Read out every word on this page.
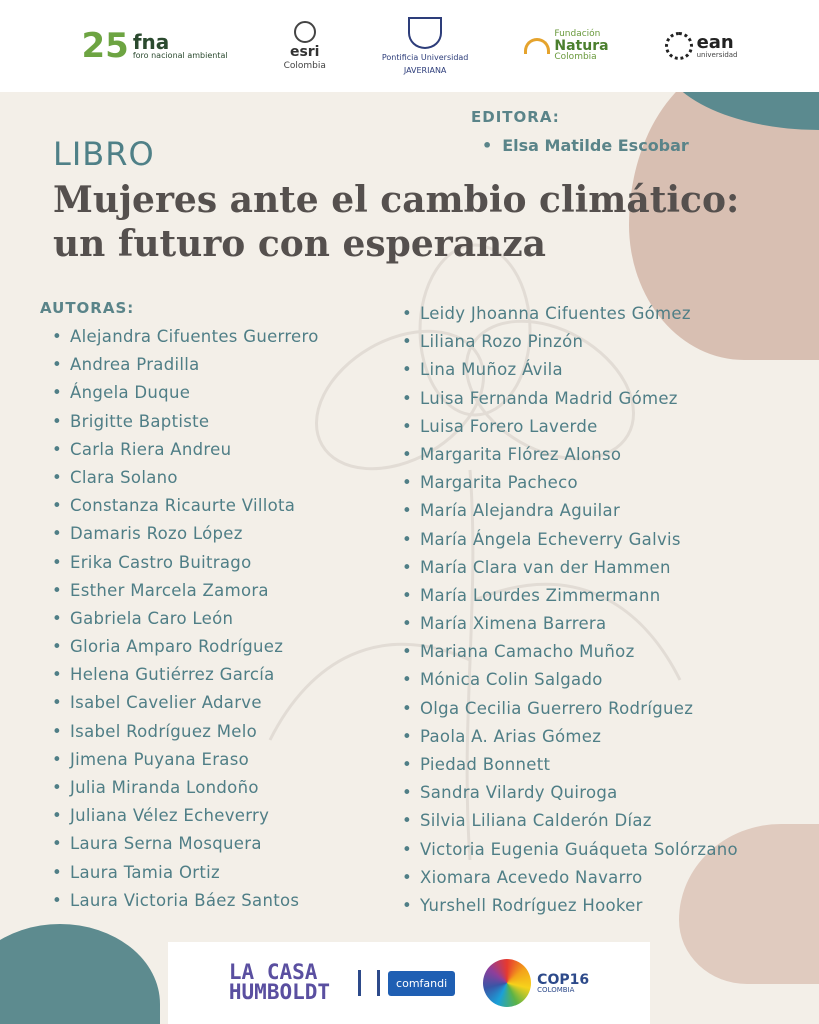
25 fna
foro nacional ambiental	esri
Colombia
Pontificia Universidad
JAVERIANA
Fundación
Natura
Colombia
ean
universidad
EDITORA:
• Elsa Matilde Escobar
LIBRO
Mujeres ante el cambio climático:
un futuro con esperanza
AUTORAS:
• Alejandra Cifuentes Guerrero
• Andrea Pradilla
• Ángela Duque
• Brigitte Baptiste
• Carla Riera Andreu
• Clara Solano
• Constanza Ricaurte Villota
• Damaris Rozo López
• Erika Castro Buitrago
• Esther Marcela Zamora
• Gabriela Caro León
• Gloria Amparo Rodríguez
• Helena Gutiérrez García
• Isabel Cavelier Adarve
• Isabel Rodríguez Melo
• Jimena Puyana Eraso
• Julia Miranda Londoño
• Juliana Vélez Echeverry
• Laura Serna Mosquera
• Laura Tamia Ortiz
• Laura Victoria Báez Santos
• Leidy Jhoanna Cifuentes Gómez
• Liliana Rozo Pinzón
• Lina Muñoz Ávila
• Luisa Fernanda Madrid Gómez
• Luisa Forero Laverde
• Margarita Flórez Alonso
• Margarita Pacheco
• María Alejandra Aguilar
• María Ángela Echeverry Galvis
• María Clara van der Hammen
• María Lourdes Zimmermann
• María Ximena Barrera
• Mariana Camacho Muñoz
• Mónica Colin Salgado
• Olga Cecilia Guerrero Rodríguez
• Paola A. Arias Gómez
• Piedad Bonnett
• Sandra Vilardy Quiroga
• Silvia Liliana Calderón Díaz
• Victoria Eugenia Guáqueta Solórzano
• Xiomara Acevedo Navarro
• Yurshell Rodríguez Hooker
LA CASA
HUMBOLDT	comfandi	COP16
COLOMBIA
